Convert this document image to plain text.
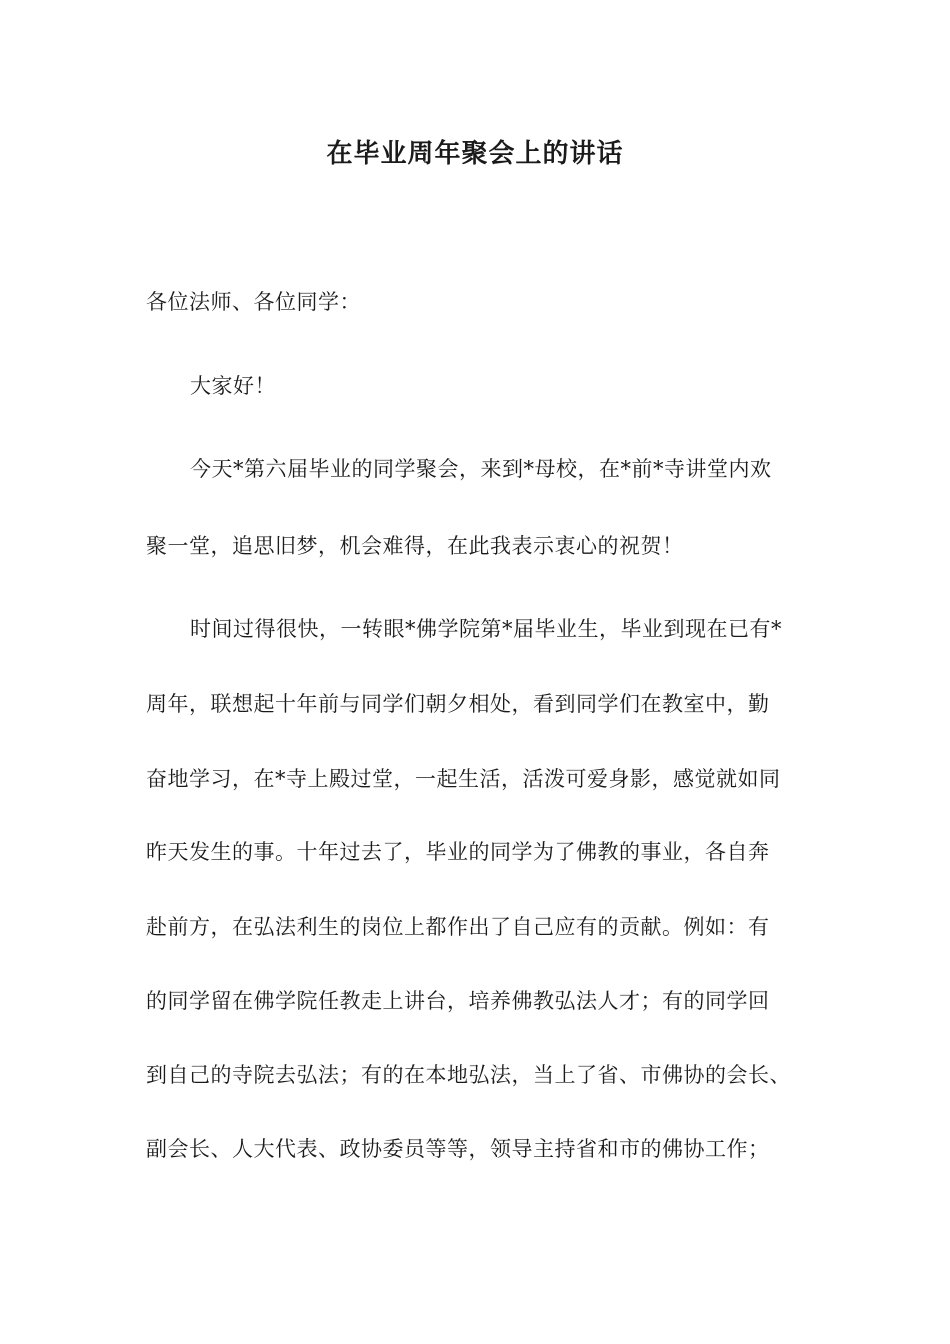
在毕业周年聚会上的讲话
各位法师、各位同学：
大家好！
今天*第六届毕业的同学聚会，来到*母校，在*前*寺讲堂内欢
聚一堂，追思旧梦，机会难得，在此我表示衷心的祝贺！
时间过得很快，一转眼*佛学院第*届毕业生，毕业到现在已有*
周年，联想起十年前与同学们朝夕相处，看到同学们在教室中，勤
奋地学习，在*寺上殿过堂，一起生活，活泼可爱身影，感觉就如同
昨天发生的事。十年过去了，毕业的同学为了佛教的事业，各自奔
赴前方，在弘法利生的岗位上都作出了自己应有的贡献。例如：有
的同学留在佛学院任教走上讲台，培养佛教弘法人才；有的同学回
到自己的寺院去弘法；有的在本地弘法，当上了省、市佛协的会长、
副会长、人大代表、政协委员等等，领导主持省和市的佛协工作；
